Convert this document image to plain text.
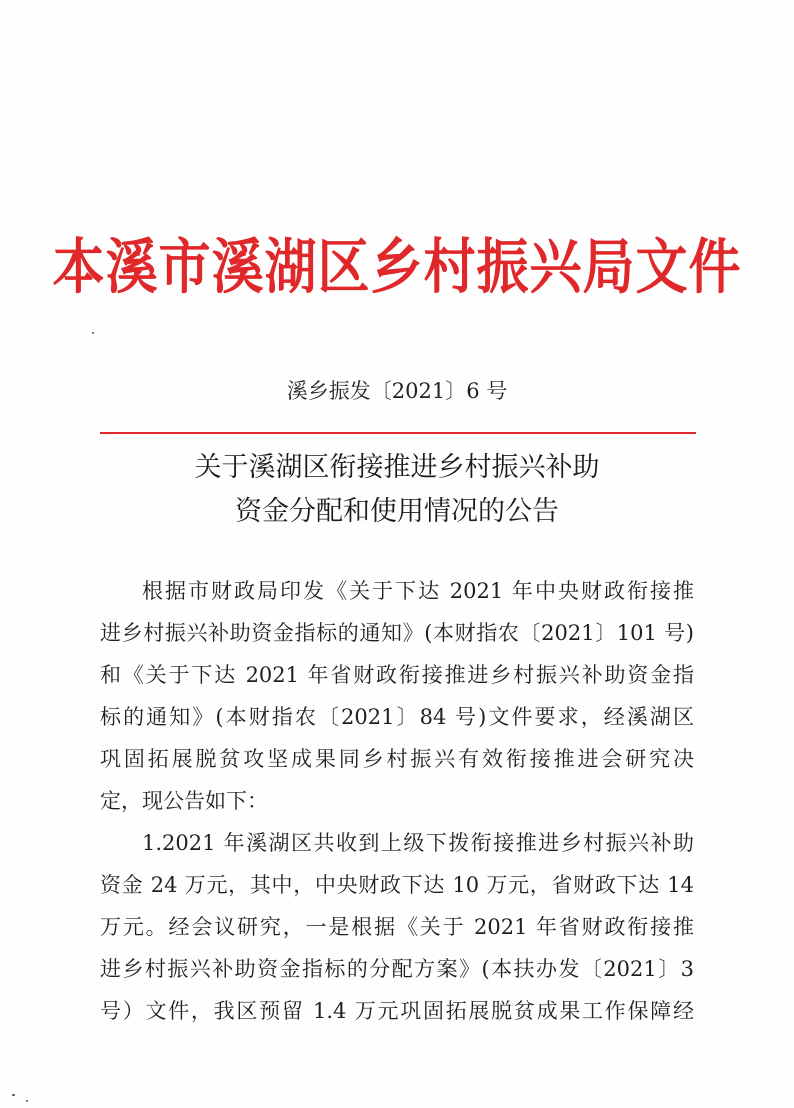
本溪市溪湖区乡村振兴局文件
溪乡振发〔2021〕6 号
关于溪湖区衔接推进乡村振兴补助
资金分配和使用情况的公告
根据市财政局印发《关于下达 2021 年中央财政衔接推
进乡村振兴补助资金指标的通知》(本财指农〔2021〕101 号)
和《关于下达 2021 年省财政衔接推进乡村振兴补助资金指
标的通知》(本财指农〔2021〕84 号)文件要求，经溪湖区
巩固拓展脱贫攻坚成果同乡村振兴有效衔接推进会研究决
定，现公告如下：
1.2021 年溪湖区共收到上级下拨衔接推进乡村振兴补助
资金 24 万元，其中，中央财政下达 10 万元，省财政下达 14
万元。经会议研究，一是根据《关于 2021 年省财政衔接推
进乡村振兴补助资金指标的分配方案》(本扶办发〔2021〕3
号）文件，我区预留 1.4 万元巩固拓展脱贫成果工作保障经
